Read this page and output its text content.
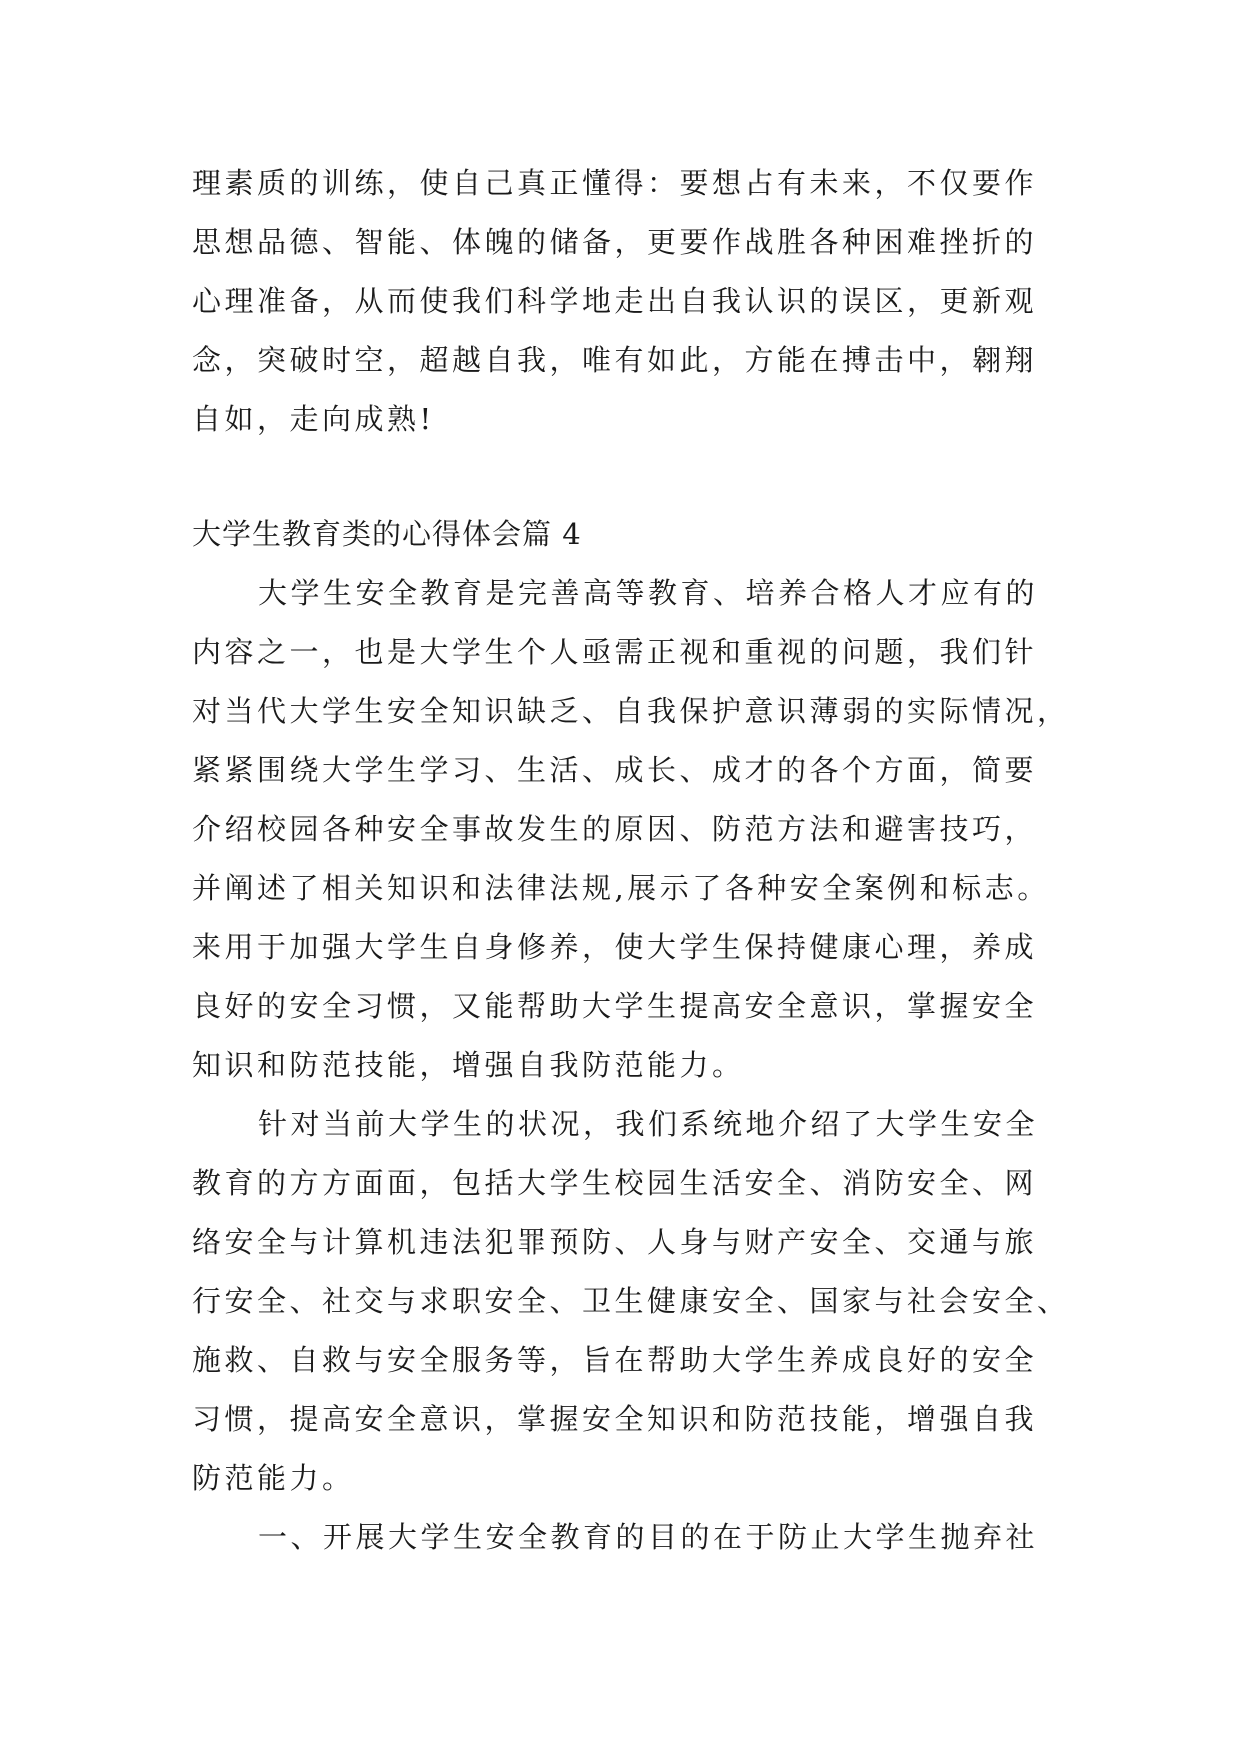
理素质的训练，使自己真正懂得：要想占有未来，不仅要作
思想品德、智能、体魄的储备，更要作战胜各种困难挫折的
心理准备，从而使我们科学地走出自我认识的误区，更新观
念，突破时空，超越自我，唯有如此，方能在搏击中，翱翔
自如，走向成熟!
大学生教育类的心得体会篇 4
大学生安全教育是完善高等教育、培养合格人才应有的
内容之一，也是大学生个人亟需正视和重视的问题，我们针
对当代大学生安全知识缺乏、自我保护意识薄弱的实际情况，
紧紧围绕大学生学习、生活、成长、成才的各个方面，简要
介绍校园各种安全事故发生的原因、防范方法和避害技巧，
并阐述了相关知识和法律法规,展示了各种安全案例和标志。
来用于加强大学生自身修养，使大学生保持健康心理，养成
良好的安全习惯，又能帮助大学生提高安全意识，掌握安全
知识和防范技能，增强自我防范能力。
针对当前大学生的状况，我们系统地介绍了大学生安全
教育的方方面面，包括大学生校园生活安全、消防安全、网
络安全与计算机违法犯罪预防、人身与财产安全、交通与旅
行安全、社交与求职安全、卫生健康安全、国家与社会安全、
施救、自救与安全服务等，旨在帮助大学生养成良好的安全
习惯，提高安全意识，掌握安全知识和防范技能，增强自我
防范能力。
一、开展大学生安全教育的目的在于防止大学生抛弃社
